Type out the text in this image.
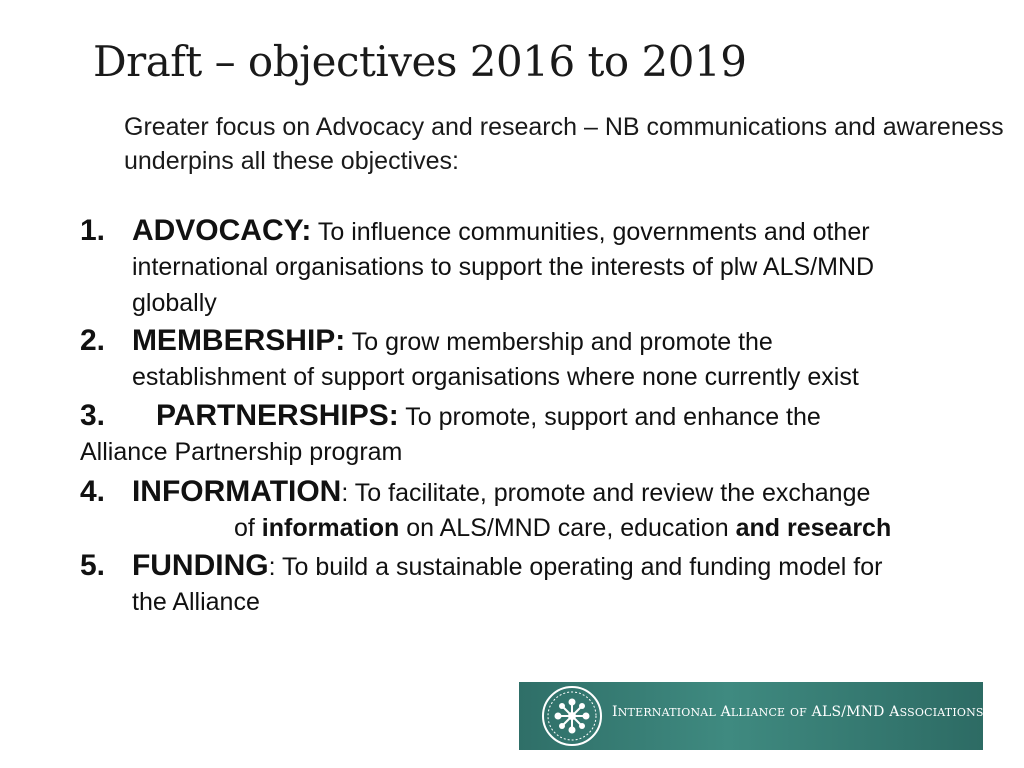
Draft – objectives 2016 to 2019
Greater focus on Advocacy and research – NB communications and awareness underpins all these objectives:
1. ADVOCACY: To influence communities, governments and other
international organisations to support the interests of plw ALS/MND
globally
2. MEMBERSHIP: To grow membership and promote the
establishment of support organisations where none currently exist
3. PARTNERSHIPS: To promote, support and enhance the
Alliance Partnership program
4. INFORMATION: To facilitate, promote and review the exchange
of information on ALS/MND care, education and research
5. FUNDING: To build a sustainable operating and funding model for
the Alliance
INTERNATIONAL ALLIANCE OF ALS/MND ASSOCIATIONS
